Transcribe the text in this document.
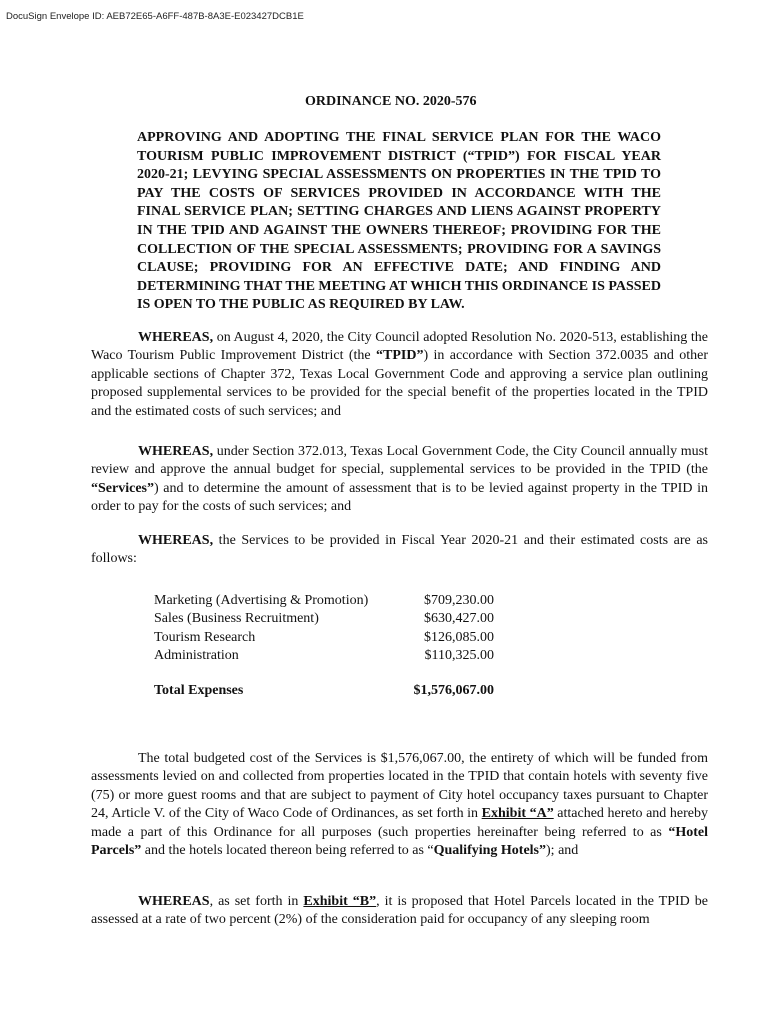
DocuSign Envelope ID: AEB72E65-A6FF-487B-8A3E-E023427DCB1E
ORDINANCE NO. 2020-576
APPROVING AND ADOPTING THE FINAL SERVICE PLAN FOR THE WACO TOURISM PUBLIC IMPROVEMENT DISTRICT (“TPID”) FOR FISCAL YEAR 2020-21; LEVYING SPECIAL ASSESSMENTS ON PROPERTIES IN THE TPID TO PAY THE COSTS OF SERVICES PROVIDED IN ACCORDANCE WITH THE FINAL SERVICE PLAN; SETTING CHARGES AND LIENS AGAINST PROPERTY IN THE TPID AND AGAINST THE OWNERS THEREOF; PROVIDING FOR THE COLLECTION OF THE SPECIAL ASSESSMENTS; PROVIDING FOR A SAVINGS CLAUSE; PROVIDING FOR AN EFFECTIVE DATE; AND FINDING AND DETERMINING THAT THE MEETING AT WHICH THIS ORDINANCE IS PASSED IS OPEN TO THE PUBLIC AS REQUIRED BY LAW.

WHEREAS, on August 4, 2020, the City Council adopted Resolution No. 2020-513, establishing the Waco Tourism Public Improvement District (the “TPID”) in accordance with Section 372.0035 and other applicable sections of Chapter 372, Texas Local Government Code and approving a service plan outlining proposed supplemental services to be provided for the special benefit of the properties located in the TPID and the estimated costs of such services; and

WHEREAS, under Section 372.013, Texas Local Government Code, the City Council annually must review and approve the annual budget for special, supplemental services to be provided in the TPID (the “Services”) and to determine the amount of assessment that is to be levied against property in the TPID in order to pay for the costs of such services; and

WHEREAS, the Services to be provided in Fiscal Year 2020-21 and their estimated costs are as follows:

Marketing (Advertising & Promotion)	$709,230.00
Sales (Business Recruitment)	$630,427.00
Tourism Research	$126,085.00
Administration	$110,325.00
Total Expenses	$1,576,067.00

The total budgeted cost of the Services is $1,576,067.00, the entirety of which will be funded from assessments levied on and collected from properties located in the TPID that contain hotels with seventy five (75) or more guest rooms and that are subject to payment of City hotel occupancy taxes pursuant to Chapter 24, Article V. of the City of Waco Code of Ordinances, as set forth in Exhibit “A” attached hereto and hereby made a part of this Ordinance for all purposes (such properties hereinafter being referred to as “Hotel Parcels” and the hotels located thereon being referred to as “Qualifying Hotels”); and

WHEREAS, as set forth in Exhibit “B”, it is proposed that Hotel Parcels located in the TPID be assessed at a rate of two percent (2%) of the consideration paid for occupancy of any sleeping room
